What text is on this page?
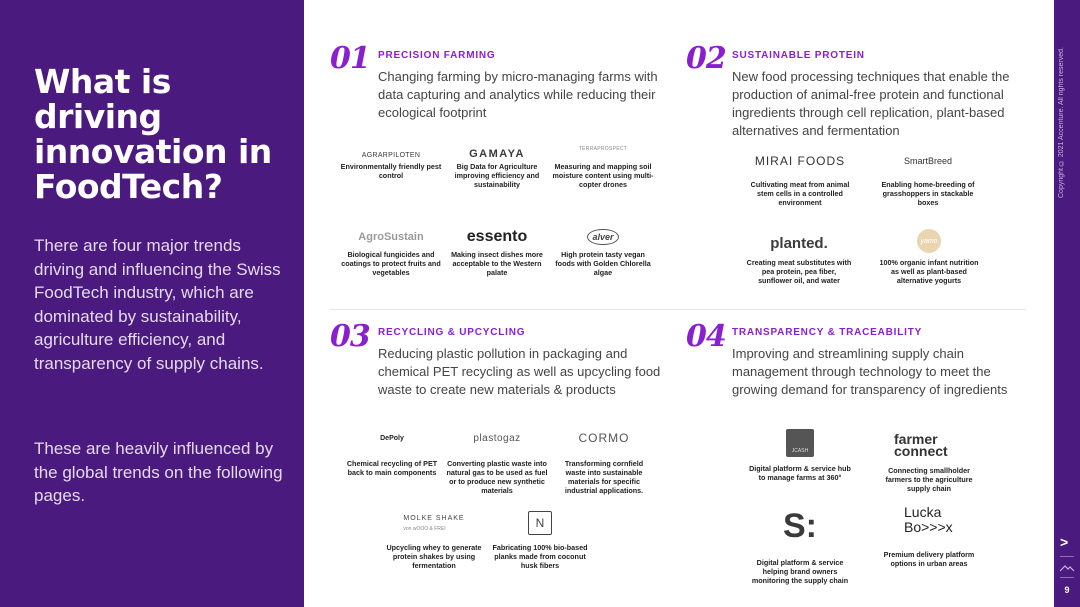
What is driving innovation in FoodTech?

There are four major trends driving and influencing the Swiss FoodTech industry, which are dominated by sustainability, agriculture efficiency, and transparency of supply chains.

These are heavily influenced by the global trends on the following pages.

Copyright © 2021 Accenture. All rights reserved.
>
9
01 PRECISION FARMING
Changing farming by micro-managing farms with data capturing and analytics while reducing their ecological footprint
AGRARPILOTEN
Environmentally friendly pest control
GAMAYA
Big Data for Agriculture improving efficiency and sustainability
TERRAPROSPECT
Measuring and mapping soil moisture content using multi-copter drones
AgroSustain
Biological fungicides and coatings to protect fruits and vegetables
essento
Making insect dishes more acceptable to the Western palate
alver
High protein tasty vegan foods with Golden Chlorella algae
02 SUSTAINABLE PROTEIN
New food processing techniques that enable the production of animal-free protein and functional ingredients through cell replication, plant-based alternatives and fermentation
MIRAI FOODS
Cultivating meat from animal stem cells in a controlled environment
SmartBreed
Enabling home-breeding of grasshoppers in stackable boxes
planted.
Creating meat substitutes with pea protein, pea fiber, sunflower oil, and water
yamo
100% organic infant nutrition as well as plant-based alternative yogurts
03 RECYCLING & UPCYCLING
Reducing plastic pollution in packaging and chemical PET recycling as well as upcycling food waste to create new materials & products
DePoly
Chemical recycling of PET back to main components
plastogaz
Converting plastic waste into natural gas to be used as fuel or to produce new synthetic materials
CORMO
Transforming cornfield waste into sustainable materials for specific industrial applications.
MOLKE SHAKE
von wOOO & FREI
Upcycling whey to generate protein shakes by using fermentation
N
Fabricating 100% bio-based planks made from coconut husk fibers
04 TRANSPARENCY & TRACEABILITY
Improving and streamlining supply chain management through technology to meet the growing demand for transparency of ingredients
JCASH
Digital platform & service hub to manage farms at 360°
farmer connect
Connecting smallholder farmers to the agriculture supply chain
S:
Digital platform & service helping brand owners monitoring the supply chain
Lucka Bo>>>x
Premium delivery platform options in urban areas
